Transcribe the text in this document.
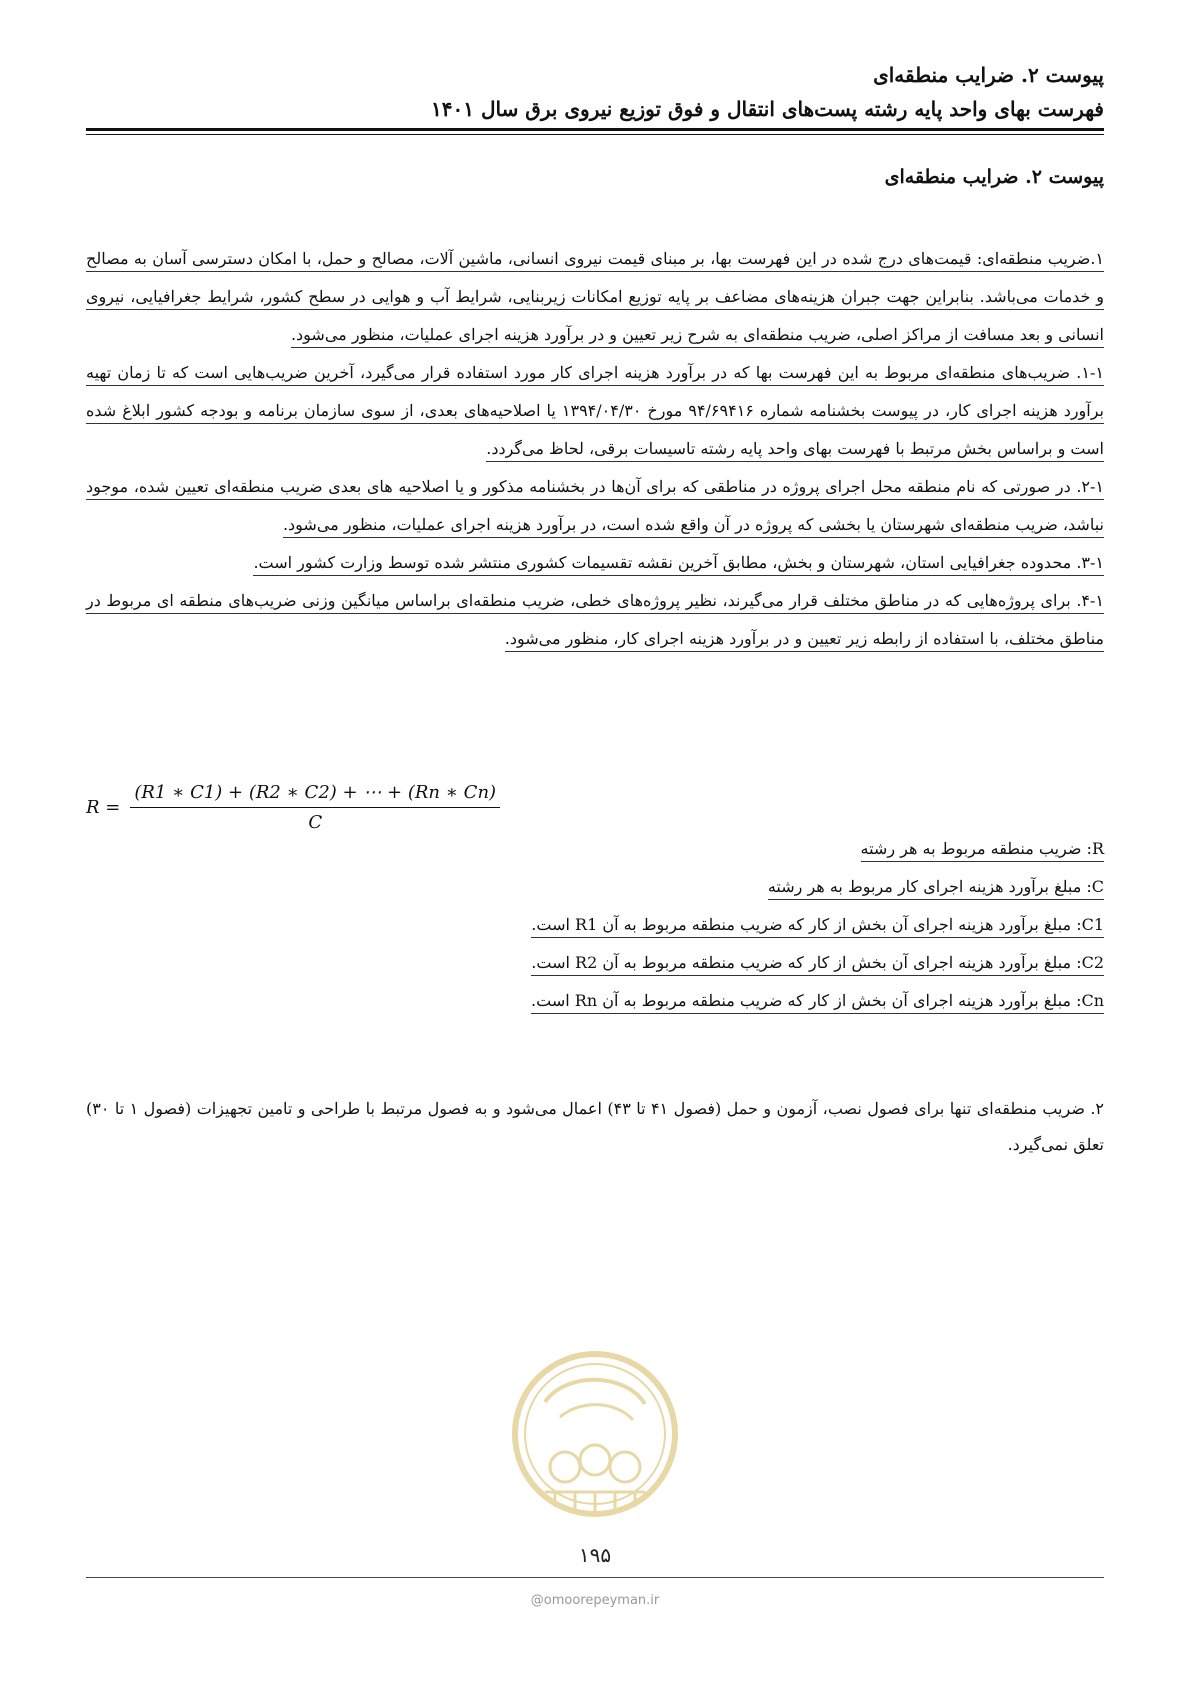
پیوست ۲. ضرایب منطقه‌ای
فهرست بهای واحد پایه رشته پست‌های انتقال و فوق توزیع نیروی برق سال ۱۴۰۱
پیوست ۲. ضرایب منطقه‌ای

۱.ضریب منطقه‌ای: قیمت‌های درج شده در این فهرست بها، بر مبنای قیمت نیروی انسانی، ماشین آلات، مصالح و حمل، با امکان دسترسی آسان به مصالح و خدمات می‌باشد. بنابراین جهت جبران هزینه‌های مضاعف بر پایه توزیع امکانات زیربنایی، شرایط آب و هوایی در سطح کشور، شرایط جغرافیایی، نیروی انسانی و بعد مسافت از مراکز اصلی، ضریب منطقه‌ای به شرح زیر تعیین و در برآورد هزینه اجرای عملیات، منظور می‌شود.

۱-۱. ضریب‌های منطقه‌ای مربوط به این فهرست بها که در برآورد هزینه اجرای کار مورد استفاده قرار می‌گیرد، آخرین ضریب‌هایی است که تا زمان تهیه برآورد هزینه اجرای کار، در پیوست بخشنامه شماره ۹۴/۶۹۴۱۶ مورخ ۱۳۹۴/۰۴/۳۰ یا اصلاحیه‌های بعدی، از سوی سازمان برنامه و بودجه کشور ابلاغ شده است و براساس بخش مرتبط با فهرست بهای واحد پایه رشته تاسیسات برقی، لحاظ می‌گردد.

۲-۱. در صورتی که نام منطقه محل اجرای پروژه در مناطقی که برای آن‌ها در بخشنامه مذکور و یا اصلاحیه های بعدی ضریب منطقه‌ای تعیین شده، موجود نباشد، ضریب منطقه‌ای شهرستان یا بخشی که پروژه در آن واقع شده است، در برآورد هزینه اجرای عملیات، منظور می‌شود.

۳-۱. محدوده جغرافیایی استان، شهرستان و بخش، مطابق آخرین نقشه تقسیمات کشوری منتشر شده توسط وزارت کشور است.

۴-۱. برای پروژه‌هایی که در مناطق مختلف قرار می‌گیرند، نظیر پروژه‌های خطی، ضریب منطقه‌ای براساس میانگین وزنی ضریب‌های منطقه ای مربوط در مناطق مختلف، با استفاده از رابطه زیر تعیین و در برآورد هزینه اجرای کار، منظور می‌شود.

$R = \frac{(R1 ∗ C1) + (R2 ∗ C2) + \cdots + (Rn ∗ Cn)}{C}$
R: ضریب منطقه مربوط به هر رشته
C: مبلغ برآورد هزینه اجرای کار مربوط به هر رشته
C1: مبلغ برآورد هزینه اجرای آن بخش از کار که ضریب منطقه مربوط به آن R1 است.
C2: مبلغ برآورد هزینه اجرای آن بخش از کار که ضریب منطقه مربوط به آن R2 است.
Cn: مبلغ برآورد هزینه اجرای آن بخش از کار که ضریب منطقه مربوط به آن Rn است.

۲. ضریب منطقه‌ای تنها برای فصول نصب، آزمون و حمل (فصول ۴۱ تا ۴۳) اعمال می‌شود و به فصول مرتبط با طراحی و تامین تجهیزات (فصول ۱ تا ۳۰) تعلق نمی‌گیرد.

۱۹۵
@omoorepeyman.ir
